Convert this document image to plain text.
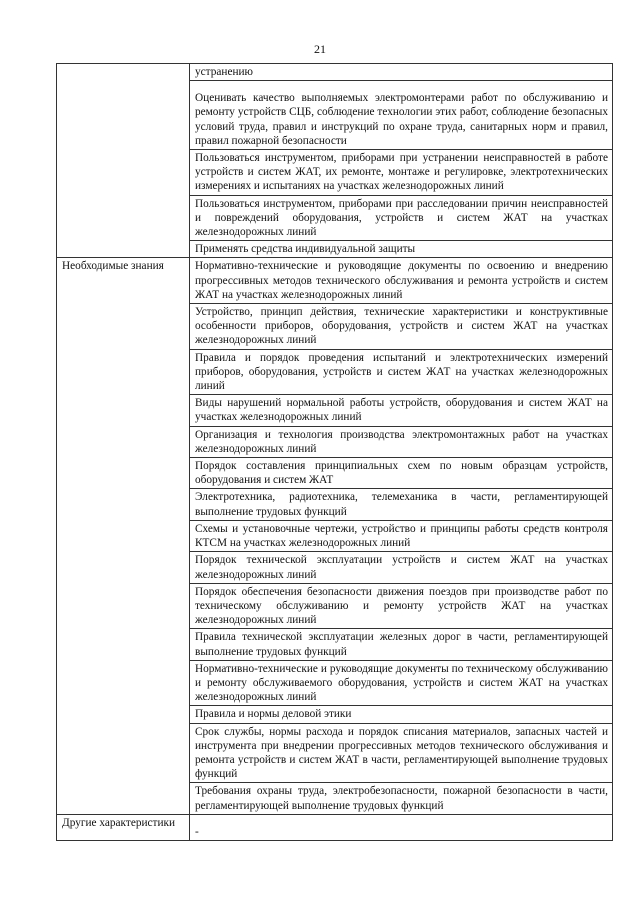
21
	устранению
	Оценивать качество выполняемых электромонтерами работ по обслуживанию и ремонту устройств СЦБ, соблюдение технологии этих работ, соблюдение безопасных условий труда, правил и инструкций по охране труда, санитарных норм и правил, правил пожарной безопасности
	Пользоваться инструментом, приборами при устранении неисправностей в работе устройств и систем ЖАТ, их ремонте, монтаже и регулировке, электротехнических измерениях и испытаниях на участках железнодорожных линий
	Пользоваться инструментом, приборами при расследовании причин неисправностей и повреждений оборудования, устройств и систем ЖАТ на участках железнодорожных линий
	Применять средства индивидуальной защиты
Необходимые знания	Нормативно-технические и руководящие документы по освоению и внедрению прогрессивных методов технического обслуживания и ремонта устройств и систем ЖАТ на участках железнодорожных линий
	Устройство, принцип действия, технические характеристики и конструктивные особенности приборов, оборудования, устройств и систем ЖАТ на участках железнодорожных линий
	Правила и порядок проведения испытаний и электротехнических измерений приборов, оборудования, устройств и систем ЖАТ на участках железнодорожных линий
	Виды нарушений нормальной работы устройств, оборудования и систем ЖАТ на участках железнодорожных линий
	Организация и технология производства электромонтажных работ на участках железнодорожных линий
	Порядок составления принципиальных схем по новым образцам устройств, оборудования и систем ЖАТ
	Электротехника, радиотехника, телемеханика в части, регламентирующей выполнение трудовых функций
	Схемы и установочные чертежи, устройство и принципы работы средств контроля КТСМ на участках железнодорожных линий
	Порядок технической эксплуатации устройств и систем ЖАТ на участках железнодорожных линий
	Порядок обеспечения безопасности движения поездов при производстве работ по техническому обслуживанию и ремонту устройств ЖАТ на участках железнодорожных линий
	Правила технической эксплуатации железных дорог в части, регламентирующей выполнение трудовых функций
	Нормативно-технические и руководящие документы по техническому обслуживанию и ремонту обслуживаемого оборудования, устройств и систем ЖАТ на участках железнодорожных линий
	Правила и нормы деловой этики
	Срок службы, нормы расхода и порядок списания материалов, запасных частей и инструмента при внедрении прогрессивных методов технического обслуживания и ремонта устройств и систем ЖАТ в части, регламентирующей выполнение трудовых функций
	Требования охраны труда, электробезопасности, пожарной безопасности в части, регламентирующей выполнение трудовых функций
Другие характеристики	-
